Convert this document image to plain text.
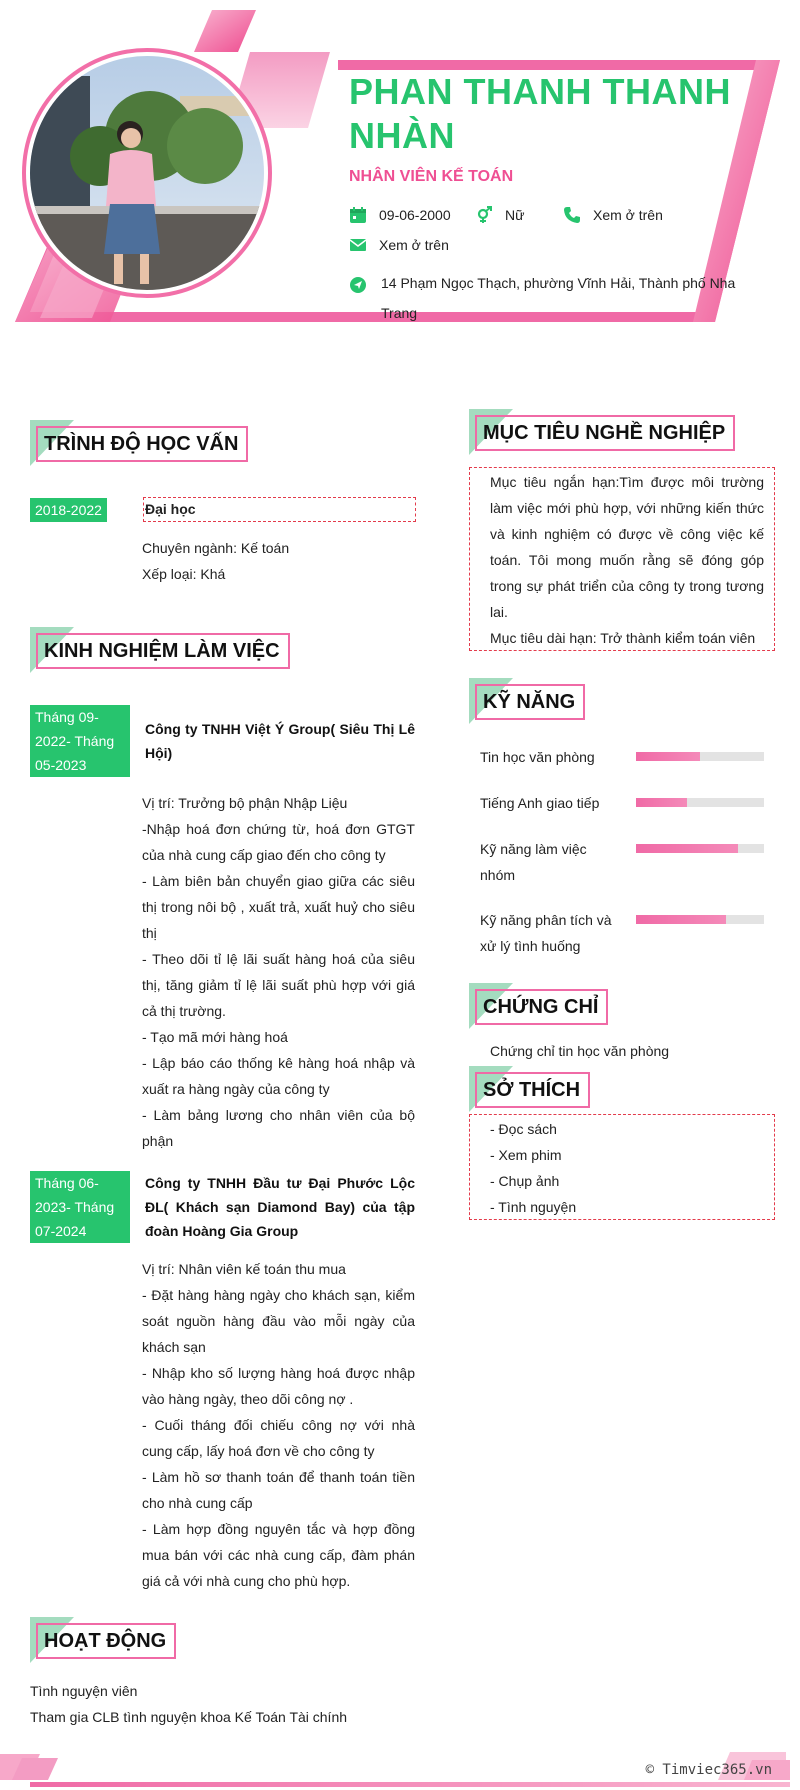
PHAN THANH THANH NHÀN
NHÂN VIÊN KẾ TOÁN
09-06-2000	Nữ	Xem ở trên
Xem ở trên
14 Phạm Ngọc Thạch, phường Vĩnh Hải, Thành phố Nha Trang
TRÌNH ĐỘ HỌC VẤN
2018-2022	Đại học
Chuyên ngành: Kế toán
Xếp loại: Khá
KINH NGHIỆM LÀM VIỆC
Tháng 09-2022- Tháng 05-2023
Công ty TNHH Việt Ý Group( Siêu Thị Lê Hội)
Vị trí: Trưởng bộ phận Nhập Liệu
-Nhập hoá đơn chứng từ, hoá đơn GTGT của nhà cung cấp giao đến cho công ty
- Làm biên bản chuyển giao giữa các siêu thị trong nôi bộ , xuất trả, xuất huỷ cho siêu thị
- Theo dõi tỉ lệ lãi suất hàng hoá của siêu thị, tăng giảm tỉ lệ lãi suất phù hợp với giá cả thị trường.
- Tạo mã mới hàng hoá
- Lập báo cáo thống kê hàng hoá nhập và xuất ra hàng ngày của công ty
- Làm bảng lương cho nhân viên của bộ phận
Tháng 06-2023- Tháng 07-2024
Công ty TNHH Đầu tư Đại Phước Lộc ĐL( Khách sạn Diamond Bay) của tập đoàn Hoàng Gia Group
Vị trí: Nhân viên kế toán thu mua
- Đặt hàng hàng ngày cho khách sạn, kiểm soát nguồn hàng đầu vào mỗi ngày của khách sạn
- Nhập kho số lượng hàng hoá được nhập vào hàng ngày, theo dõi công nợ .
- Cuối tháng đối chiếu công nợ với nhà cung cấp, lấy hoá đơn về cho công ty
- Làm hồ sơ thanh toán để thanh toán tiền cho nhà cung cấp
- Làm hợp đồng nguyên tắc và hợp đồng mua bán với các nhà cung cấp, đàm phán giá cả với nhà cung cho phù hợp.
HOẠT ĐỘNG
Tình nguyện viên
Tham gia CLB tình nguyện khoa Kế Toán Tài chính
MỤC TIÊU NGHỀ NGHIỆP
Mục tiêu ngắn hạn:Tìm được môi trường làm việc mới phù hợp, với những kiến thức và kinh nghiệm có được về công việc kế toán. Tôi mong muốn rằng sẽ đóng góp trong sự phát triển của công ty trong tương lai.
Mục tiêu dài hạn: Trở thành kiểm toán viên
KỸ NĂNG
Tin học văn phòng
Tiếng Anh giao tiếp
Kỹ năng làm việc nhóm
Kỹ năng phân tích và xử lý tình huống
CHỨNG CHỈ
Chứng chỉ tin học văn phòng
SỞ THÍCH
- Đọc sách
- Xem phim
- Chụp ảnh
- Tình nguyện
© Timviec365.vn
